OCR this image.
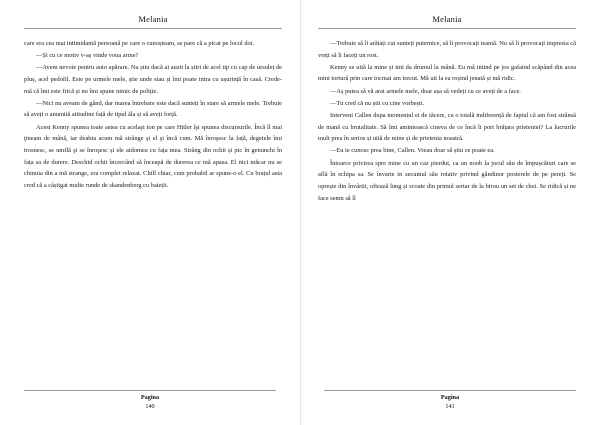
Melania

care era cea mai intimidantă persoană pe care o cunoșteam, se pare că a picat pe locul doi.

—Și cu ce motiv v-aș vinde voua arme?

—Avem nevoie pentru auto apărare. Nu știu dacă ai auzit la știri de acel tip cu cap de ursuleț de pluș, acel pedofil. Este pe urmele mele, știe unde stau și îmi poate intra cu ușurință în casă. Crede-mă că îmi este frică și nu îmi spune nimic de poliție.

—Nici nu aveam de gând, dar marea întrebare este dacă sunteți în stare să armele mele. Trebuie să aveți o anumită atitudine față de tipul ăla și să aveți forță.

Acest Kenny spunea toate astea cu acelaşi ton pe care Hitler îşi spunea discursurile. Încă îl mai ţineam de mână, iar deabia acum mă strânge şi el şi încă cum. Mă înroşesc la față, degetele îmi trosnesc, se umflă şi se înroşesc și ele aidomea cu fața mea. Strâng din ochii și pic în genunchi în fața sa de durere. Deschid ochii încercând să înceapă de durerea ce mă apasa. El nici măcar nu se chinuia din a mă strange, era complet relaxat. Chill chiar, cum probabil ar spune-o el. Cu brațul asta cred că a câștigat multe runde de skandenberg cu baieții.

Pagina
140
Melania

—Trebuie să îi arătați cui sunteți puternice, să îi provocați teamă. Nu să îi provocați impresia că vreți să îi faceți un rost.

Kenny se uită la mine și imi da drumul la mână. Eu mă intind pe jos gafaind scăpând din acea mini tortură prin care tocmai am trecut. Mă uit la ea roșind jenată și mă ridic.

—Aș putea să vă arat armele mele, doar așa să vedeți cu ce aveți de a face.

—Tu cred că nu știi cu cine vorbești.

Interveni Callen dupa momentul ei de tăcere, cu o totală indiferență de faptul că am fost strânsă de mană cu brutalitate. Să îmi amintească cineva de ce încă îi port brățara prieteniei? La lucrurile mult prea în serios și uită de mine și de prietenia noastră.

—Eu te cunosc prea bine, Callen. Vreau doar să știu ce poate ea.

Întoarce privirea spre mine cu un caz pierdut, ca un noob la jocul său de împușcături care se află în echipa sa. Se învarte in secumul său rotativ privind găndinor posterele de pe pereți. Se oprește din învârtit, oftează lung și scoate din primul sertar de la birou un set de chei. Se ridică și ne face semn să îl

Pagina
141
